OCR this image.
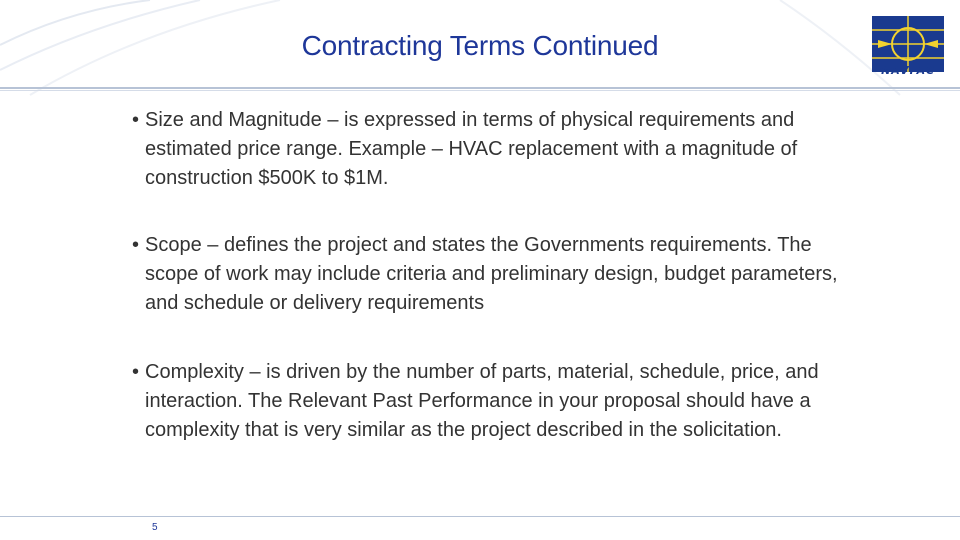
Contracting Terms Continued
NAVFAC
• Size and Magnitude – is expressed in terms of physical requirements and estimated price range. Example – HVAC replacement with a magnitude of construction $500K to $1M.
• Scope – defines the project and states the Governments requirements. The scope of work may include criteria and preliminary design, budget parameters, and schedule or delivery requirements
• Complexity – is driven by the number of parts, material, schedule, price, and interaction. The Relevant Past Performance in your proposal should have a complexity that is very similar as the project described in the solicitation.
5
